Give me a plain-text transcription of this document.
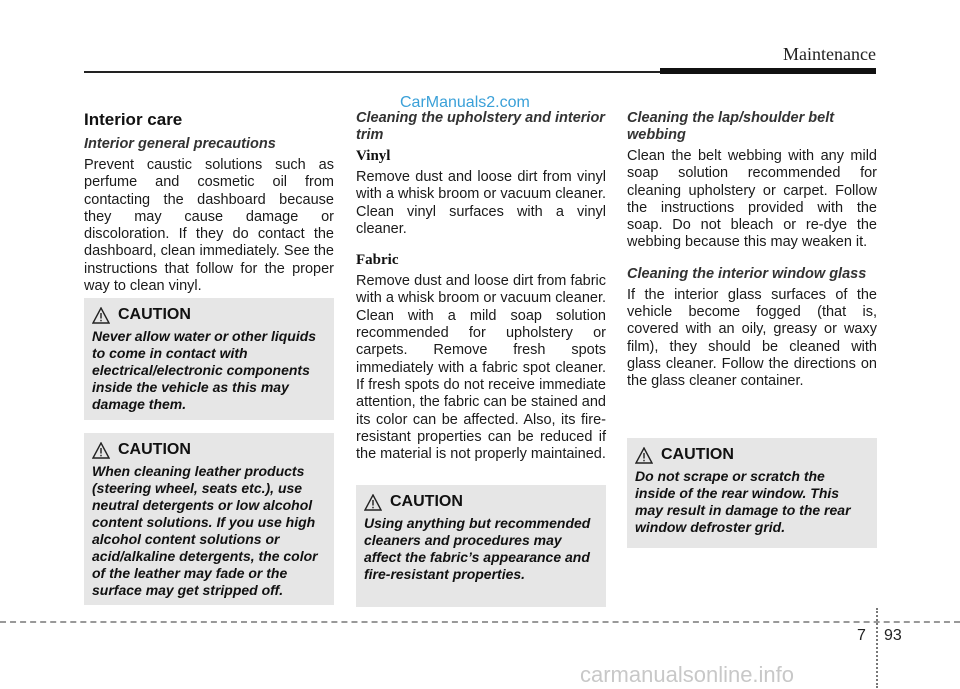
Maintenance
CarManuals2.com
Interior care
Interior general precautions

Prevent caustic solutions such as perfume and cosmetic oil from contacting the dashboard because they may cause damage or discoloration. If they do contact the dashboard, clean immediately. See the instructions that follow for the proper way to clean vinyl.

Cleaning the upholstery and interior trim
Vinyl

Remove dust and loose dirt from vinyl with a whisk broom or vacuum cleaner. Clean vinyl surfaces with a vinyl cleaner.

Fabric

Remove dust and loose dirt from fabric with a whisk broom or vacuum cleaner. Clean with a mild soap solution recommended for upholstery or carpets. Remove fresh spots immediately with a fabric spot cleaner. If fresh spots do not receive immediate attention, the fabric can be stained and its color can be affected. Also, its fire-resistant properties can be reduced if the material is not properly maintained.

Cleaning the lap/shoulder belt webbing

Clean the belt webbing with any mild soap solution recommended for cleaning upholstery or carpet. Follow the instructions provided with the soap. Do not bleach or re-dye the webbing because this may weaken it.

Cleaning the interior window glass

If the interior glass surfaces of the vehicle become fogged (that is, covered with an oily, greasy or waxy film), they should be cleaned with glass cleaner. Follow the directions on the glass cleaner container.

CAUTION

Never allow water or other liquids to come in contact with electrical/electronic components inside the vehicle as this may damage them.

CAUTION

When cleaning leather products (steering wheel, seats etc.), use neutral detergents or low alcohol content solutions. If you use high alcohol content solutions or acid/alkaline detergents, the color of the leather may fade or the surface may get stripped off.

CAUTION

Using anything but recommended cleaners and procedures may affect the fabric’s appearance and fire-resistant properties.

CAUTION

Do not scrape or scratch the inside of the rear window. This may result in damage to the rear window defroster grid.

7 93
carmanualsonline.info
